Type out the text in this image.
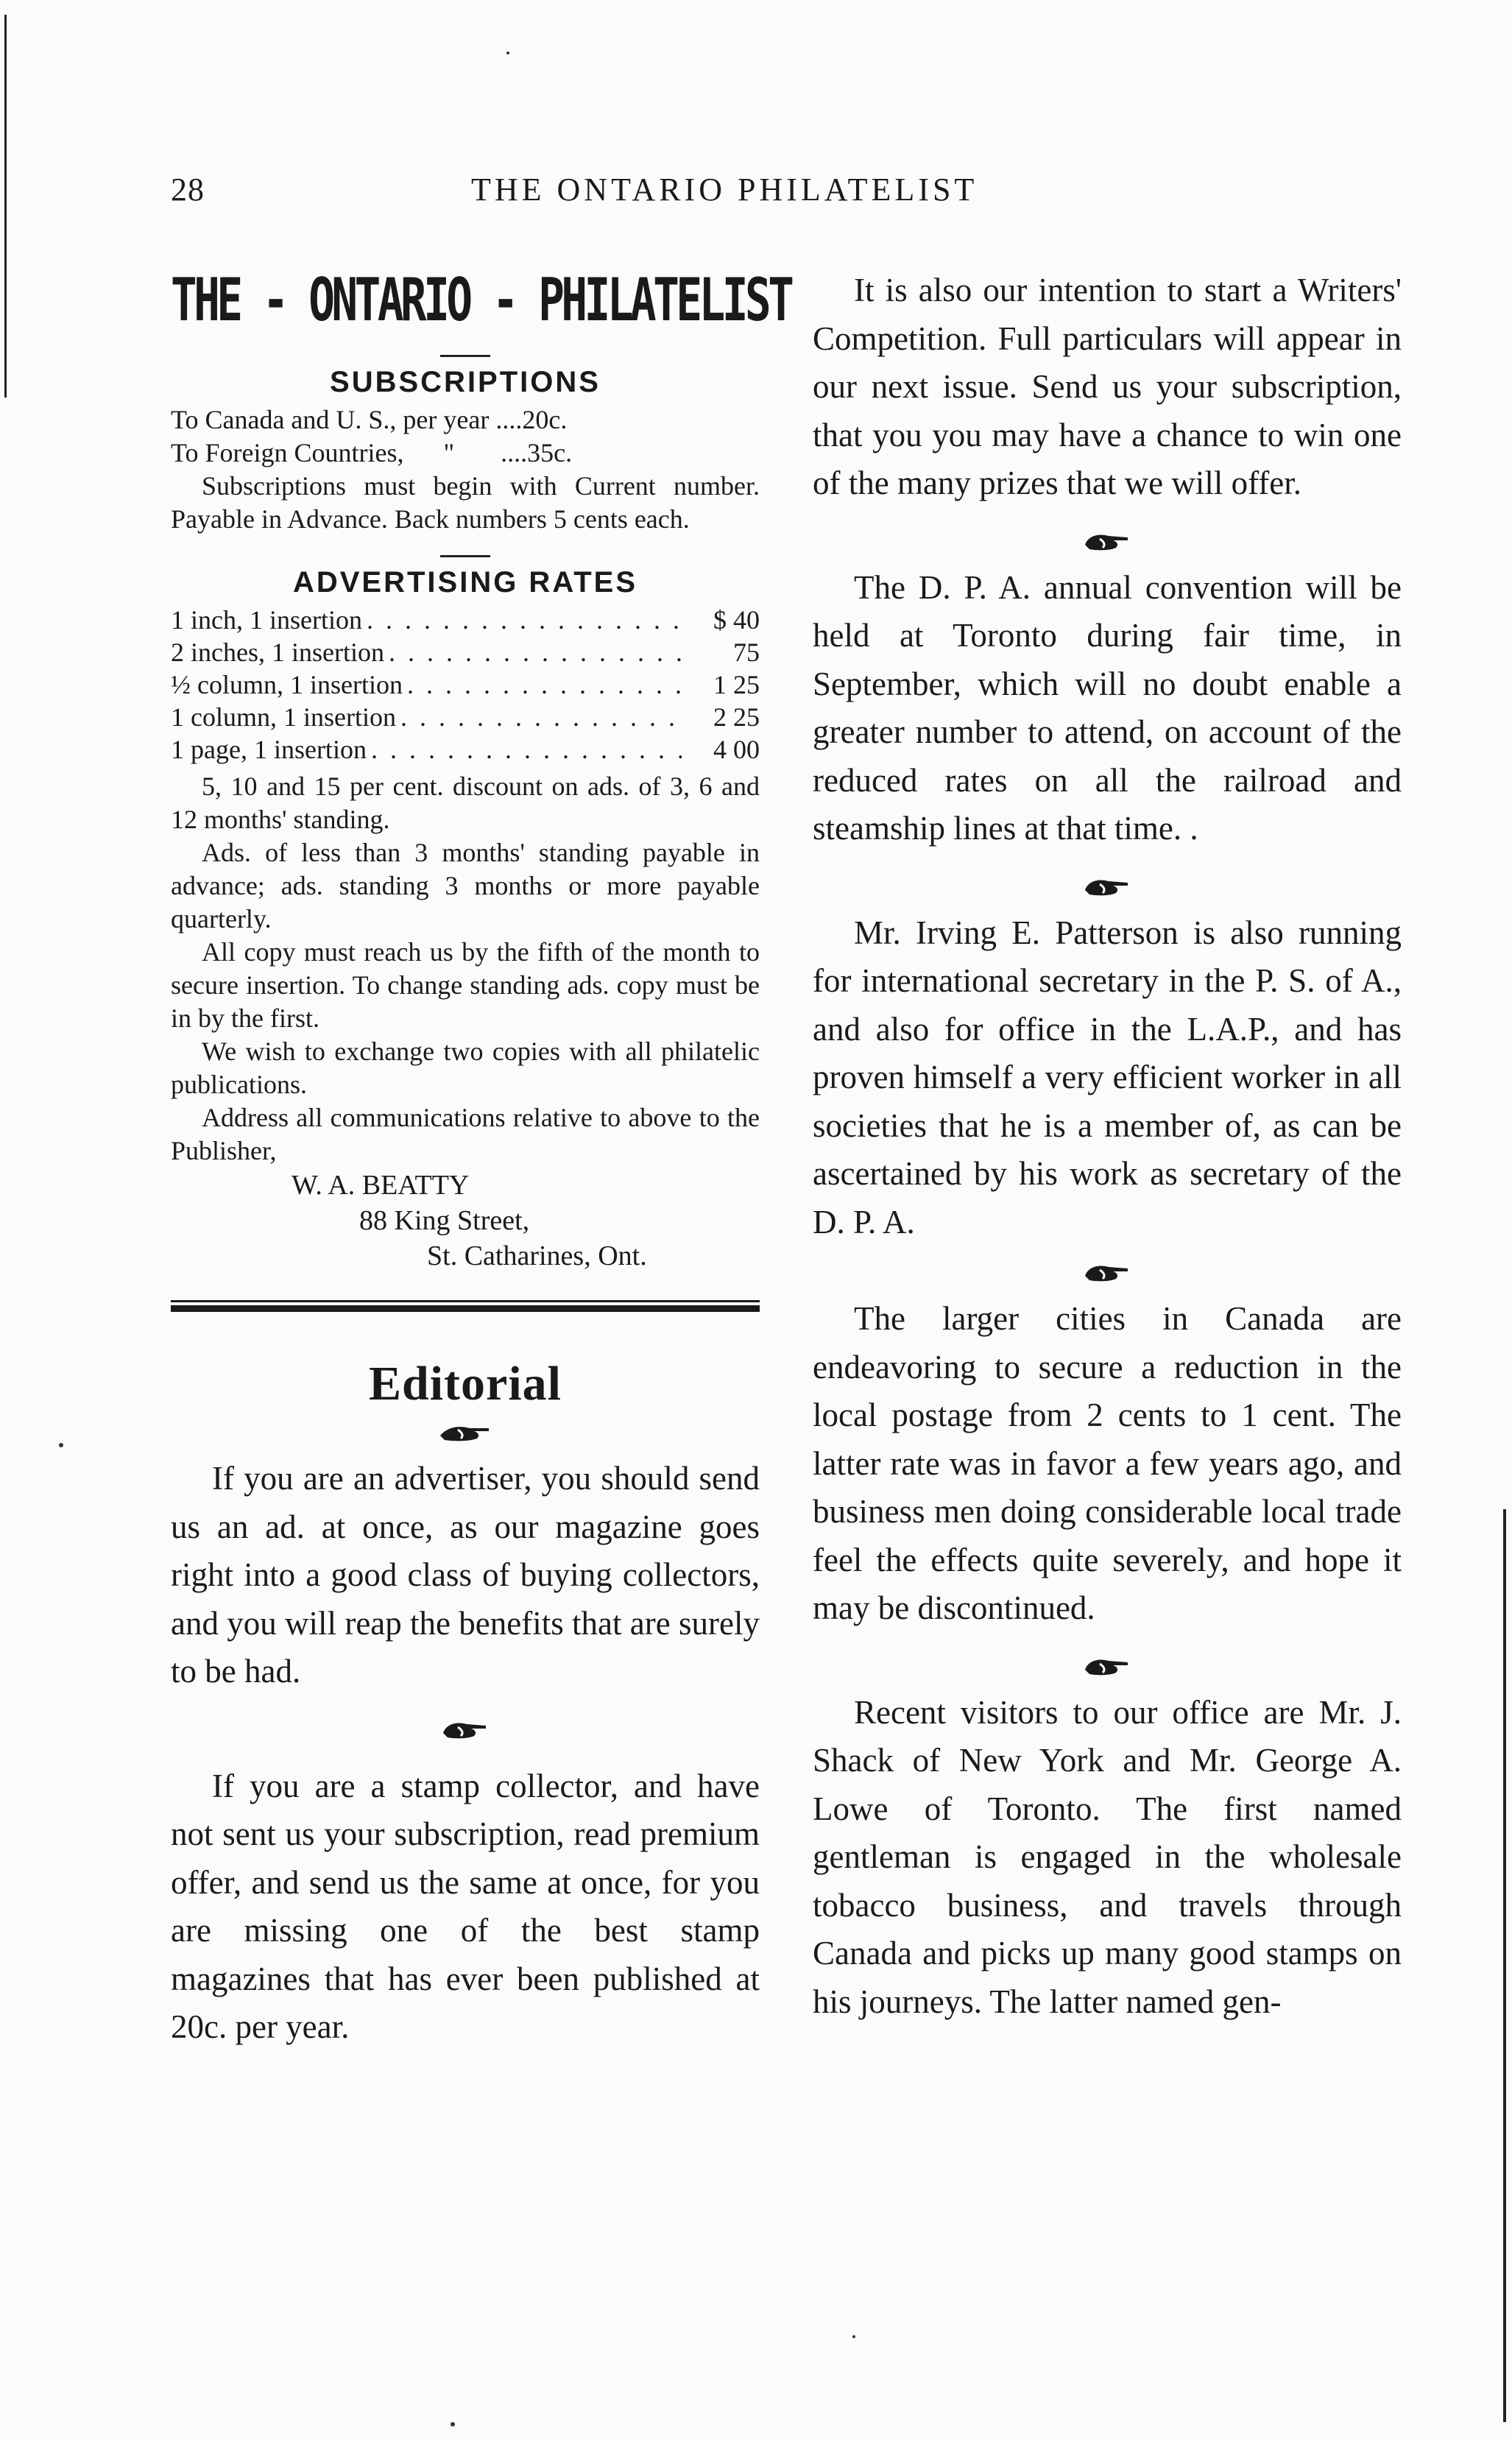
28	THE ONTARIO PHILATELIST
THE - ONTARIO - PHILATELIST
SUBSCRIPTIONS

To Canada and U. S., per year ....20c.

To Foreign Countries,      "       ....35c.

Subscriptions must begin with Current number. Payable in Advance. Back numbers 5 cents each.

ADVERTISING RATES
1 inch, 1 insertion . . .	$ 40
2 inches, 1 insertion . . .	75
½ column, 1 insertion . . .	1 25
1 column, 1 insertion . . .	2 25
1 page, 1 insertion . . .	4 00

5, 10 and 15 per cent. discount on ads. of 3, 6 and 12 months' standing.

Ads. of less than 3 months' standing payable in advance; ads. standing 3 months or more payable quarterly.

All copy must reach us by the fifth of the month to secure insertion. To change standing ads. copy must be in by the first.

We wish to exchange two copies with all philatelic publications.

Address all communications relative to above to the Publisher,

W. A. BEATTY
88 King Street,
St. Catharines, Ont.
Editorial

If you are an advertiser, you should send us an ad. at once, as our magazine goes right into a good class of buying collectors, and you will reap the benefits that are surely to be had.

If you are a stamp collector, and have not sent us your subscription, read premium offer, and send us the same at once, for you are missing one of the best stamp magazines that has ever been published at 20c. per year.

It is also our intention to start a Writers' Competition. Full particulars will appear in our next issue. Send us your subscription, that you you may have a chance to win one of the many prizes that we will offer.

The D. P. A. annual convention will be held at Toronto during fair time, in September, which will no doubt enable a greater number to attend, on account of the reduced rates on all the railroad and steamship lines at that time. .

Mr. Irving E. Patterson is also running for international secretary in the P. S. of A., and also for office in the L.A.P., and has proven himself a very efficient worker in all societies that he is a member of, as can be ascertained by his work as secretary of the D. P. A.

The larger cities in Canada are endeavoring to secure a reduction in the local postage from 2 cents to 1 cent. The latter rate was in favor a few years ago, and business men doing considerable local trade feel the effects quite severely, and hope it may be discontinued.

Recent visitors to our office are Mr. J. Shack of New York and Mr. George A. Lowe of Toronto. The first named gentleman is engaged in the wholesale tobacco business, and travels through Canada and picks up many good stamps on his journeys. The latter named gen-
